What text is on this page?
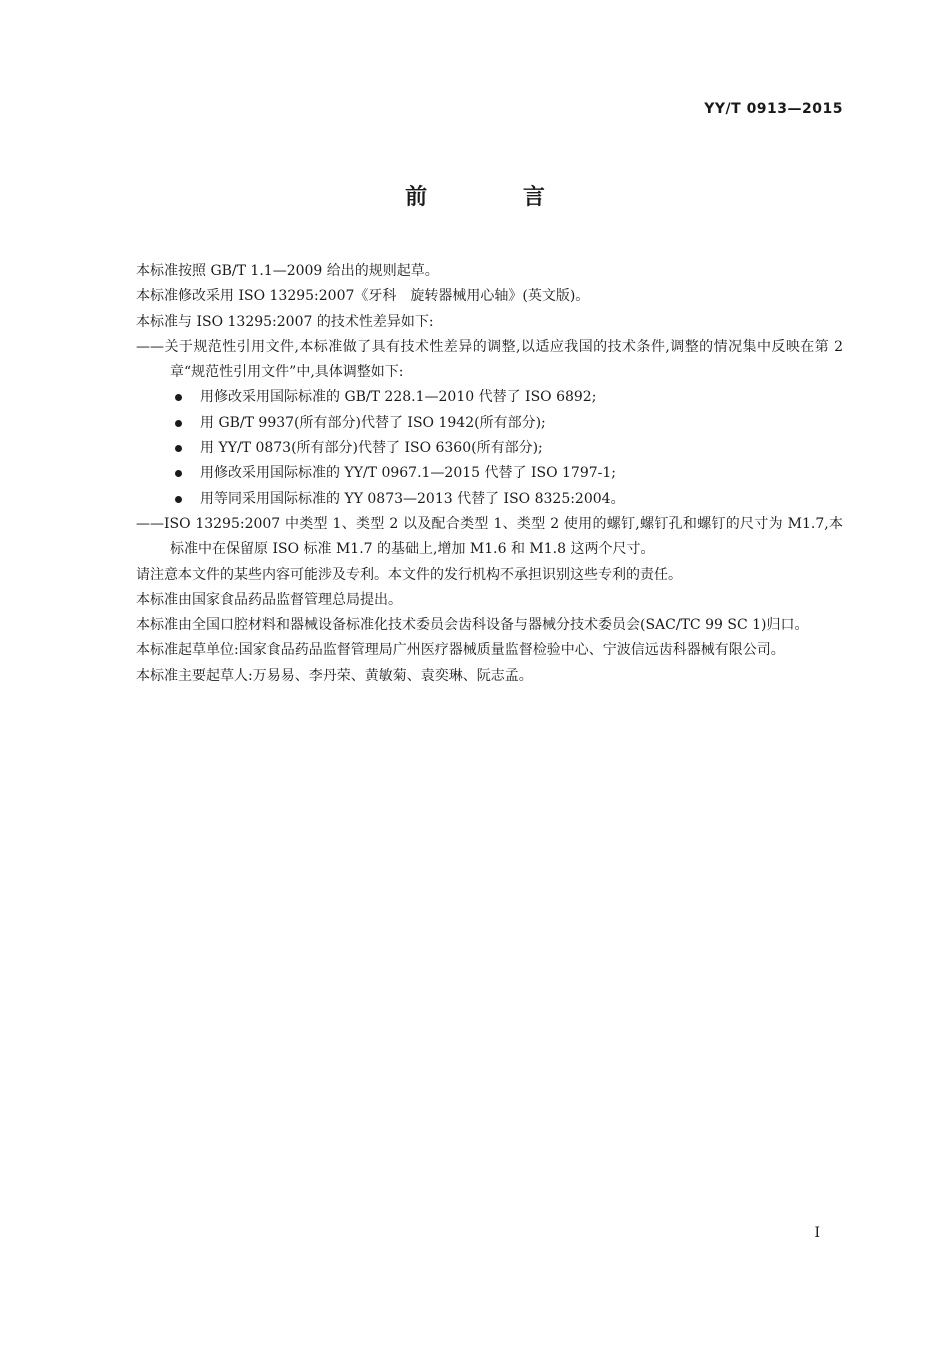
YY/T 0913—2015
前 言

本标准按照 GB/T 1.1—2009 给出的规则起草。

本标准修改采用 ISO 13295:2007《牙科　旋转器械用心轴》(英文版)。

本标准与 ISO 13295:2007 的技术性差异如下:

——关于规范性引用文件,本标准做了具有技术性差异的调整,以适应我国的技术条件,调整的情况集中反映在第 2 章“规范性引用文件”中,具体调整如下:

用修改采用国际标准的 GB/T 228.1—2010 代替了 ISO 6892;
用 GB/T 9937(所有部分)代替了 ISO 1942(所有部分);
用 YY/T 0873(所有部分)代替了 ISO 6360(所有部分);
用修改采用国际标准的 YY/T 0967.1—2015 代替了 ISO 1797-1;
用等同采用国际标准的 YY 0873—2013 代替了 ISO 8325:2004。

——ISO 13295:2007 中类型 1、类型 2 以及配合类型 1、类型 2 使用的螺钉,螺钉孔和螺钉的尺寸为 M1.7,本标准中在保留原 ISO 标准 M1.7 的基础上,增加 M1.6 和 M1.8 这两个尺寸。

请注意本文件的某些内容可能涉及专利。本文件的发行机构不承担识别这些专利的责任。

本标准由国家食品药品监督管理总局提出。

本标准由全国口腔材料和器械设备标准化技术委员会齿科设备与器械分技术委员会(SAC/TC 99 SC 1)归口。

本标准起草单位:国家食品药品监督管理局广州医疗器械质量监督检验中心、宁波信远齿科器械有限公司。

本标准主要起草人:万易易、李丹荣、黄敏菊、袁奕琳、阮志孟。

I
